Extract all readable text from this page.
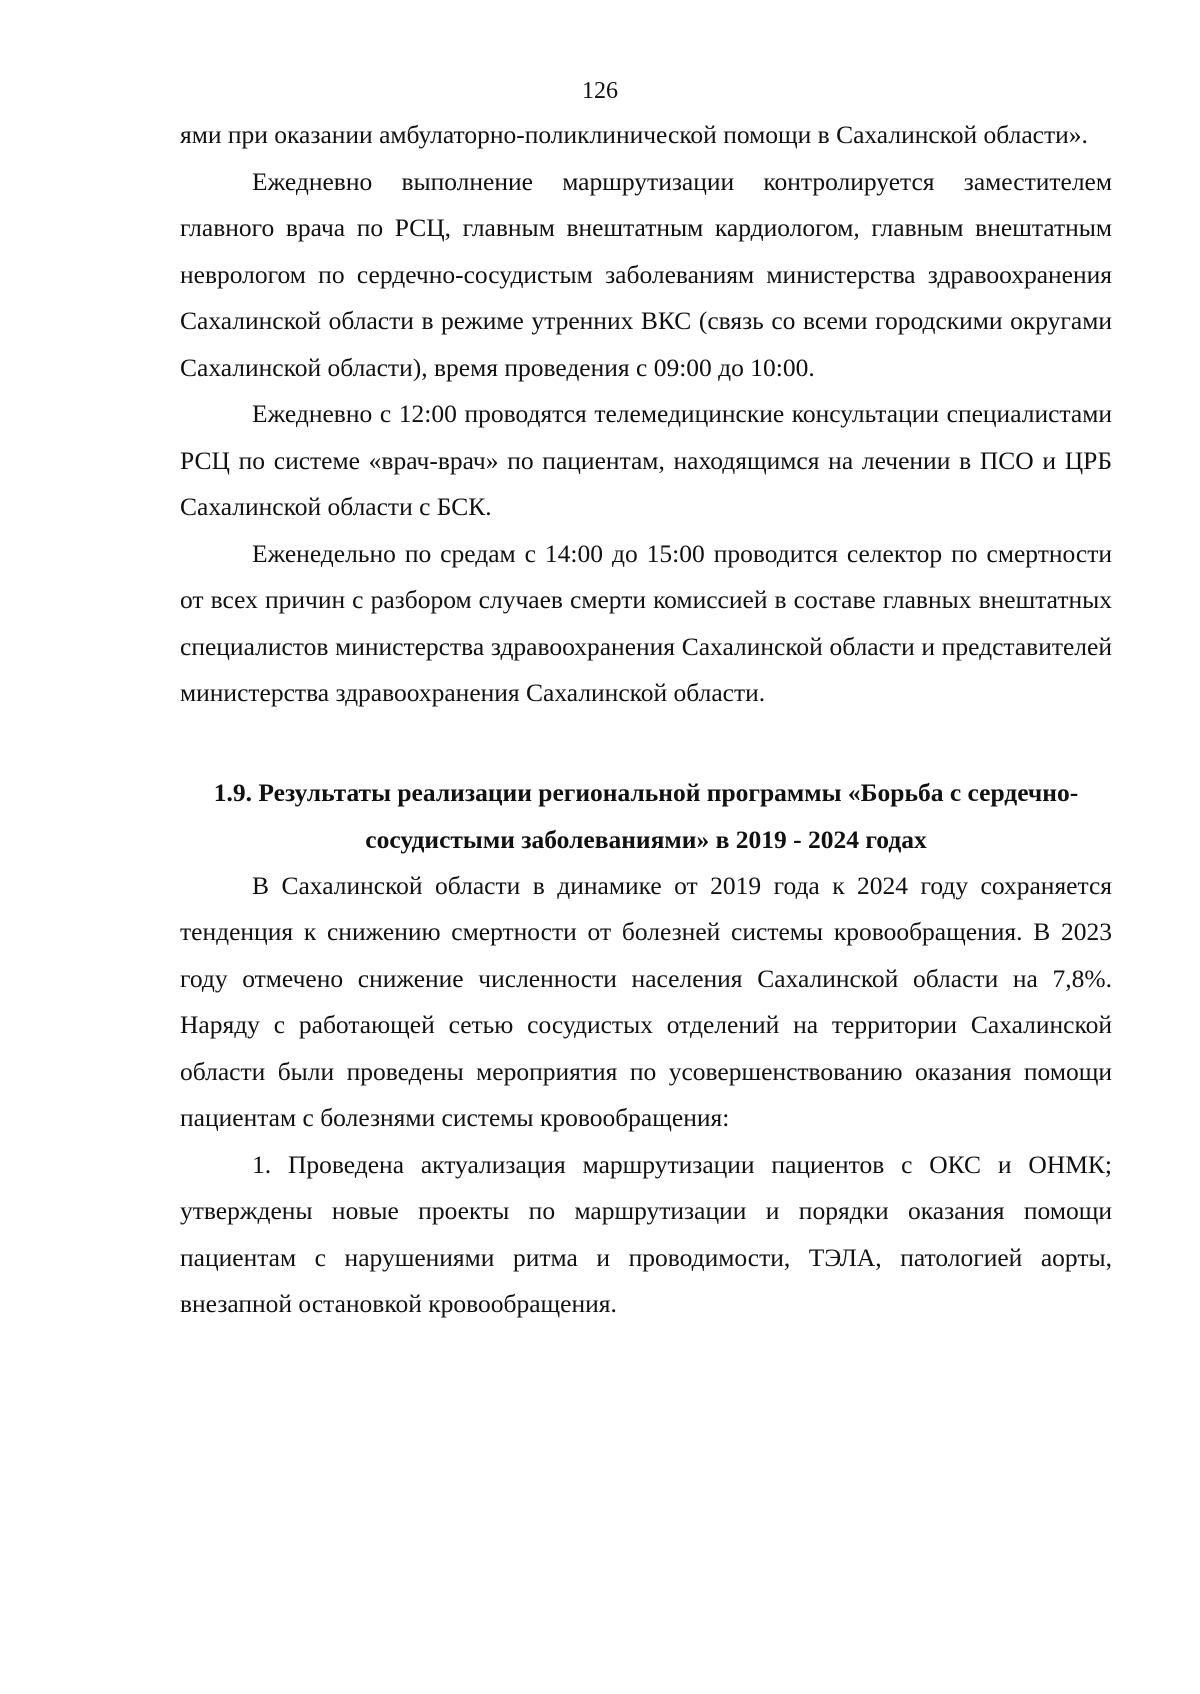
126

ями при оказании амбулаторно-поликлинической помощи в Сахалинской области».

Ежедневно выполнение маршрутизации контролируется заместителем главного врача по РСЦ, главным внештатным кардиологом, главным внештатным неврологом по сердечно-сосудистым заболеваниям министерства здравоохранения Сахалинской области в режиме утренних ВКС (связь со всеми городскими округами Сахалинской области), время проведения с 09:00 до 10:00.

Ежедневно с 12:00 проводятся телемедицинские консультации специалистами РСЦ по системе «врач-врач» по пациентам, находящимся на лечении в ПСО и ЦРБ Сахалинской области с БСК.

Еженедельно по средам с 14:00 до 15:00 проводится селектор по смертности от всех причин с разбором случаев смерти комиссией в составе главных внештатных специалистов министерства здравоохранения Сахалинской области и представителей министерства здравоохранения Сахалинской области.

1.9. Результаты реализации региональной программы «Борьба с сердечно-сосудистыми заболеваниями» в 2019 - 2024 годах

В Сахалинской области в динамике от 2019 года к 2024 году сохраняется тенденция к снижению смертности от болезней системы кровообращения. В 2023 году отмечено снижение численности населения Сахалинской области на 7,8%. Наряду с работающей сетью сосудистых отделений на территории Сахалинской области были проведены мероприятия по усовершенствованию оказания помощи пациентам с болезнями системы кровообращения:

1. Проведена актуализация маршрутизации пациентов с ОКС и ОНМК; утверждены новые проекты по маршрутизации и порядки оказания помощи пациентам с нарушениями ритма и проводимости, ТЭЛА, патологией аорты, внезапной остановкой кровообращения.
